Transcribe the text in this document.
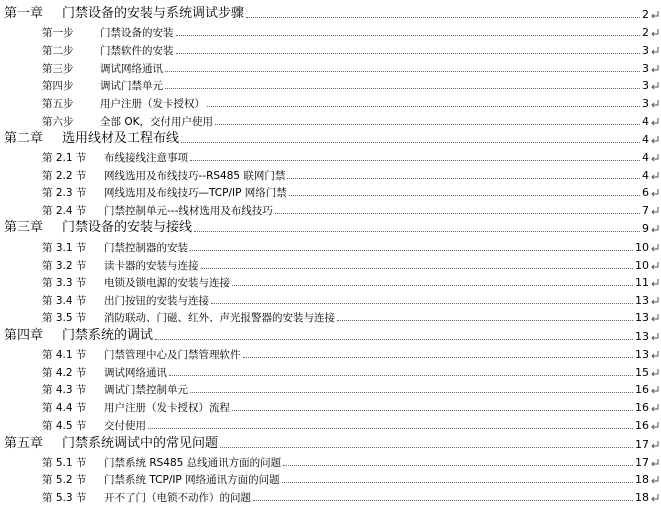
第一章 门禁设备的安装与系统调试步骤	2
第一步	门禁设备的安装	2
第二步	门禁软件的安装	3
第三步	调试网络通讯	3
第四步	调试门禁单元	3
第五步	用户注册（发卡授权）	3
第六步	全部 OK，交付用户使用	4
第二章 选用线材及工程布线	4
第 2.1 节 布线接线注意事项	4
第 2.2 节 网线选用及布线技巧--RS485 联网门禁	4
第 2.3 节 网线选用及布线技巧—TCP/IP 网络门禁	6
第 2.4 节 门禁控制单元---线材选用及布线技巧	7
第三章 门禁设备的安装与接线	9
第 3.1 节 门禁控制器的安装	10
第 3.2 节 读卡器的安装与连接	10
第 3.3 节 电锁及锁电源的安装与连接	11
第 3.4 节 出门按钮的安装与连接	13
第 3.5 节 消防联动、门磁、红外、声光报警器的安装与连接	13
第四章 门禁系统的调试	13
第 4.1 节 门禁管理中心及门禁管理软件	13
第 4.2 节 调试网络通讯	15
第 4.3 节 调试门禁控制单元	16
第 4.4 节 用户注册（发卡授权）流程	16
第 4.5 节 交付使用	16
第五章 门禁系统调试中的常见问题	17
第 5.1 节 门禁系统 RS485 总线通讯方面的问题	17
第 5.2 节 门禁系统 TCP/IP 网络通讯方面的问题	18
第 5.3 节 开不了门（电锁不动作）的问题	18
